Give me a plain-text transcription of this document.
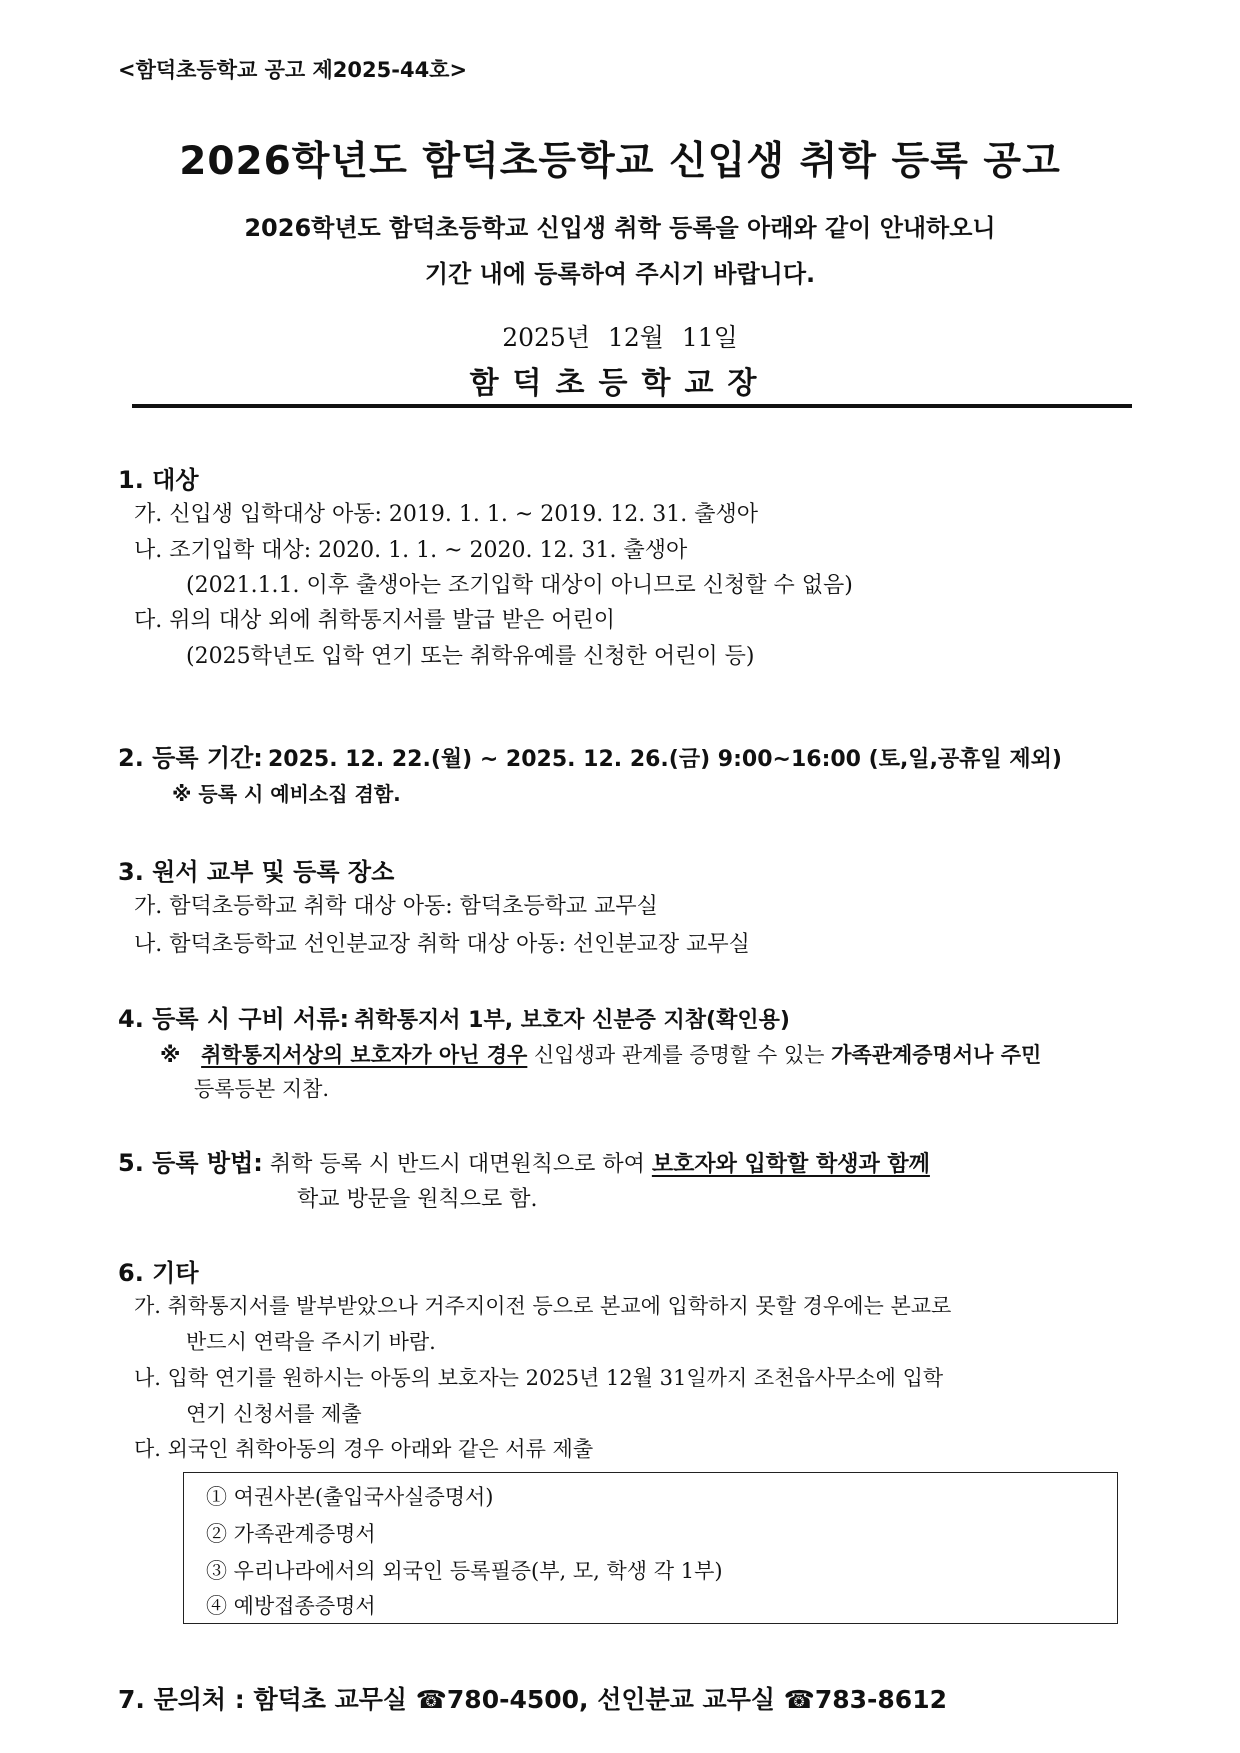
<함덕초등학교 공고 제2025-44호>
2026학년도 함덕초등학교 신입생 취학 등록 공고
2026학년도 함덕초등학교 신입생 취학 등록을 아래와 같이 안내하오니
기간 내에 등록하여 주시기 바랍니다.
2025년 12월 11일
함덕초등학교장
1. 대상
가. 신입생 입학대상 아동: 2019. 1. 1. ~ 2019. 12. 31. 출생아
나. 조기입학 대상: 2020. 1. 1. ~ 2020. 12. 31. 출생아
(2021.1.1. 이후 출생아는 조기입학 대상이 아니므로 신청할 수 없음)
다. 위의 대상 외에 취학통지서를 발급 받은 어린이
(2025학년도 입학 연기 또는 취학유예를 신청한 어린이 등)
2. 등록 기간: 2025. 12. 22.(월) ~ 2025. 12. 26.(금) 9:00~16:00 (토,일,공휴일 제외)
※ 등록 시 예비소집 겸함.
3. 원서 교부 및 등록 장소
가. 함덕초등학교 취학 대상 아동: 함덕초등학교 교무실
나. 함덕초등학교 선인분교장 취학 대상 아동: 선인분교장 교무실
4. 등록 시 구비 서류: 취학통지서 1부, 보호자 신분증 지참(확인용)
※ 취학통지서상의 보호자가 아닌 경우 신입생과 관계를 증명할 수 있는 가족관계증명서나 주민
등록등본 지참.
5. 등록 방법: 취학 등록 시 반드시 대면원칙으로 하여 보호자와 입학할 학생과 함께
학교 방문을 원칙으로 함.
6. 기타
가. 취학통지서를 발부받았으나 거주지이전 등으로 본교에 입학하지 못할 경우에는 본교로
반드시 연락을 주시기 바람.
나. 입학 연기를 원하시는 아동의 보호자는 2025년 12월 31일까지 조천읍사무소에 입학
연기 신청서를 제출
다. 외국인 취학아동의 경우 아래와 같은 서류 제출
① 여권사본(출입국사실증명서)
② 가족관계증명서
③ 우리나라에서의 외국인 등록필증(부, 모, 학생 각 1부)
④ 예방접종증명서
7. 문의처 : 함덕초 교무실 ☎780-4500, 선인분교 교무실 ☎783-8612
